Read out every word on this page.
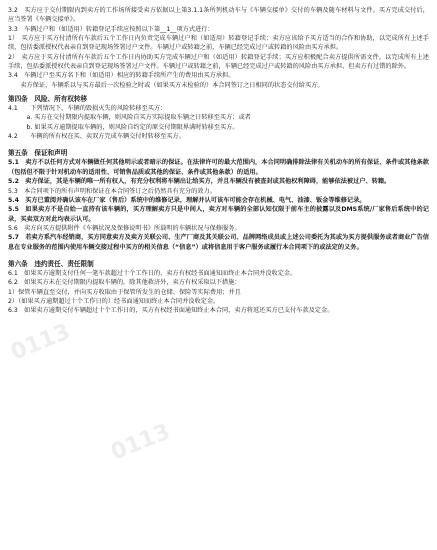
3.2　买方应于交付期限内到卖方的工作场所接受卖方依据以上第3.1.1条所列机动车与《车辆交接单》交付的车辆及随车材料与文件。买方完成交付后，应当签署《车辆交接单》。

3.3　车辆过户和（如适用）转籍登记手续应按照以下第__1__项方式进行：

1）　买方应于买方付清所有车款后五个工作日内负责完成车辆过户和（如适用）转籍登记手续；卖方应该给予买方适当的合作和协助，以完成所有上述手续，包括委派授权代表亲自到登记现场签署过户文件。车辆过户或转籍之前，车辆已经完成过户或转籍的风险由买方承担。

2）　卖方应于买方付清所有车款后五个工作日内协助买方完成车辆过户和（如适用）转籍登记手续；买方应积极配合卖方提供所需文件，以完成所有上述手续，包括委派授权代表亲自到登记现场签署过户文件。车辆过户或转籍之前，车辆已经完成过户或转籍的风险由买方承担，但卖方有过错的除外。

3.4　车辆过户至买方名下和（如适用）相应的转籍手续所产生的费用由买方承担。

　　卖方保证，车辆系以与买方最后一次检验之时或（如果买方未检验的）本合同签订之日相同的状态交付给买方。

第四条　风险、所有权转移

4.1　　下列情况下，车辆的毁损灭失的风险转移至买方：

　　　a. 买方在交付期限内提取车辆，则风险自买方实际提取车辆之日转移至买方；或者

　　　b. 如果买方逾期提取车辆的，则风险自约定的原交付期限界满时转移至买方。

4.2　　车辆的所有权在买、卖双方完成车辆交付时转移至买方。

第五条　保证和声明

5.1　卖方不以任何方式对车辆做任何其他明示或者暗示的保证。在法律许可的最大范围内，本合同明确排除法律有关机动车的所有保证、条件或其他条款（包括但不限于针对机动车的适用性、可销售品质或其他的保证、条件或其他条款）的适用。

5.2　卖方保证，其是车辆的唯一所有权人，有充分权利将车辆出让给买方，并且车辆没有被查封或其他权利障碍，能够依法被过户、转籍。

5.3　本合同项下的所有声明和保证在本合同签订之后仍然具有充分的效力。

5.4　买方已董阅并确认该车在厂家（售后）系统中的维修记录，理解并认可该车可能会存在机械、电气、油漆、钣金等维修记录。

5.5　如果卖方不是自始一直持有该车辆的，买方理解卖方只是中间人，卖方对车辆的全部认知仅限于前车主的披露以及DMS系统/厂家售后系统中的记录，买卖双方对此均表示认可。

5.6　卖方向买方提供附件《车辆状况及保修说明书》所载明的车辆状况与保修服务。

5.7　若卖方系汽车经销商，买方同意卖方及卖方关联公司、生产厂商及其关联公司、品牌网络成员或上述公司委托为其或为买方提供服务或者商业广告信息在专业服务的范围内使用车辆交接过程中买方的相关信息（“信息”）或将信息用于客户服务或履行本合同项下的或法定的义务。

第六条　违约责任、责任限制

6.1　如果买方逾期支付任何一笔车款超过十个工作日的，卖方有权经书面通知而终止本合同并没收定金。

6.2　如果买方未在交付期限内提取车辆的，除其他救济外，卖方有权采取以下措施：

1）保管车辆直至交付，并向买方收取由于保管所发生的仓储、保险等实际费用；并且

2）（如果买方逾期超过十个工作日的）经书面通知而终止本合同并没收定金。

6.3　如果卖方逾期交付车辆超过十个工作日的，买方有权经书面通知终止本合同，卖方将返还买方已支付车款及定金。

0113
0113
